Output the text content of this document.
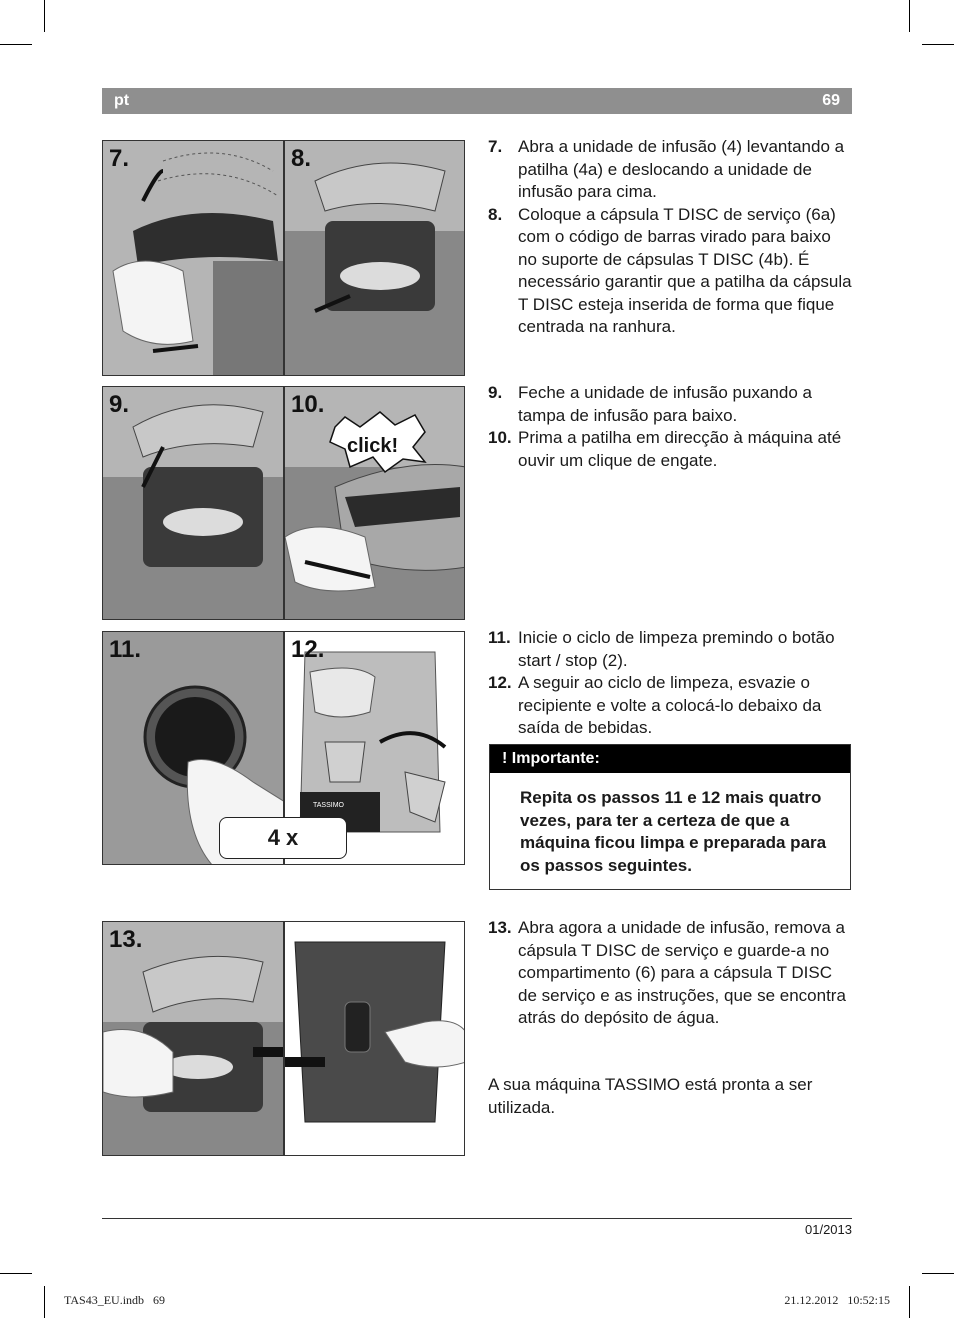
pt	69
7.	8.	7. Abra a unidade de infusão (4) levantando a patilha (4a) e deslocando a unidade de infusão para cima.
8. Coloque a cápsula T DISC de serviço (6a) com o código de barras virado para baixo no suporte de cápsulas T DISC (4b). É necessário garantir que a patilha da cápsula T DISC esteja inserida de forma que fique centrada na ranhura.
9.
click!
10.	9. Feche a unidade de infusão puxando a tampa de infusão para baixo.
10. Prima a patilha em direcção à máquina até ouvir um clique de engate.
11.
TASSIMO
12.
4 x
11. Inicie o ciclo de limpeza premindo o botão start / stop (2).
12. A seguir ao ciclo de limpeza, esvazie o recipiente e volte a colocá-lo debaixo da saída de bebidas.
! Importante:
Repita os passos 11 e 12 mais quatro vezes, para ter a certeza de que a máquina ficou limpa e preparada para os passos seguintes.
13.	13. Abra agora a unidade de infusão, remova a cápsula T DISC de serviço e guarde-a no compartimento (6) para a cápsula T DISC de serviço e as instruções, que se encontra atrás do depósito de água.
A sua máquina TASSIMO está pronta a ser utilizada.
01/2013
TAS43_EU.indb   69	21.12.2012   10:52:15
